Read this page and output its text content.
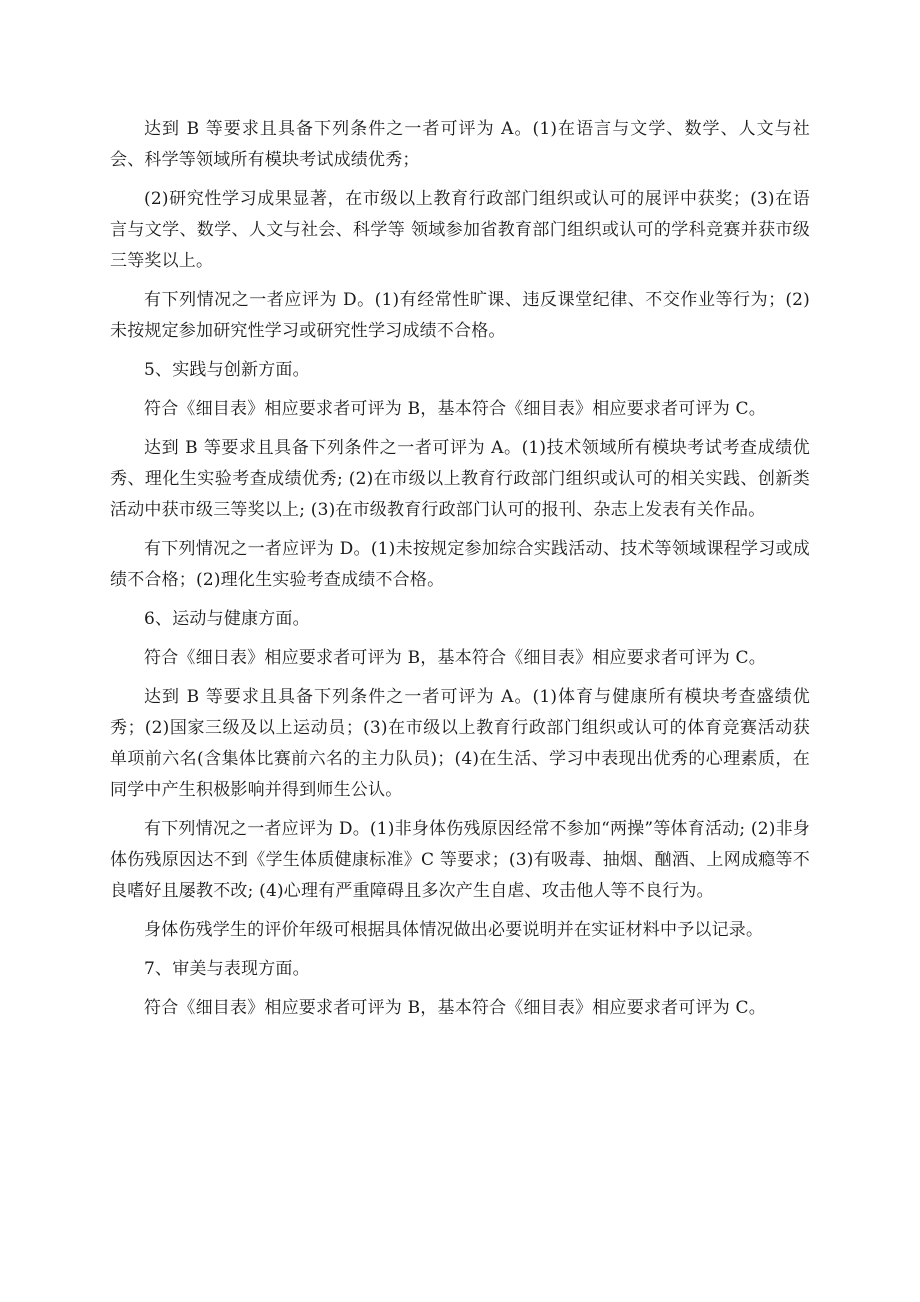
达到 B 等要求且具备下列条件之一者可评为 A。(1)在语言与文学、数学、人文与社会、科学等领域所有模块考试成绩优秀；

(2)研究性学习成果显著，在市级以上教育行政部门组织或认可的展评中获奖；(3)在语言与文学、数学、人文与社会、科学等 领域参加省教育部门组织或认可的学科竞赛并获市级三等奖以上。

有下列情况之一者应评为 D。(1)有经常性旷课、违反课堂纪律、不交作业等行为；(2)未按规定参加研究性学习或研究性学习成绩不合格。

5、实践与创新方面。

符合《细目表》相应要求者可评为 B，基本符合《细目表》相应要求者可评为 C。

达到 B 等要求且具备下列条件之一者可评为 A。(1)技术领域所有模块考试考查成绩优秀、理化生实验考查成绩优秀; (2)在市级以上教育行政部门组织或认可的相关实践、创新类活动中获市级三等奖以上; (3)在市级教育行政部门认可的报刊、杂志上发表有关作品。

有下列情况之一者应评为 D。(1)未按规定参加综合实践活动、技术等领域课程学习或成绩不合格；(2)理化生实验考查成绩不合格。

6、运动与健康方面。

符合《细日表》相应要求者可评为 B，基本符合《细目表》相应要求者可评为 C。

达到 B 等要求且具备下列条件之一者可评为 A。(1)体育与健康所有模块考查盛绩优秀；(2)国家三级及以上运动员；(3)在市级以上教育行政部门组织或认可的体育竞赛活动获单项前六名(含集体比赛前六名的主力队员)；(4)在生活、学习中表现出优秀的心理素质，在同学中产生积极影响并得到师生公认。

有下列情况之一者应评为 D。(1)非身体伤残原因经常不参加“两操”等体育活动; (2)非身体伤残原因达不到《学生体质健康标准》C 等要求；(3)有吸毒、抽烟、酗酒、上网成瘾等不良嗜好且屡教不改; (4)心理有严重障碍且多次产生自虐、攻击他人等不良行为。

身体伤残学生的评价年级可根据具体情况做出必要说明并在实证材料中予以记录。

7、审美与表现方面。

符合《细目表》相应要求者可评为 B，基本符合《细目表》相应要求者可评为 C。
